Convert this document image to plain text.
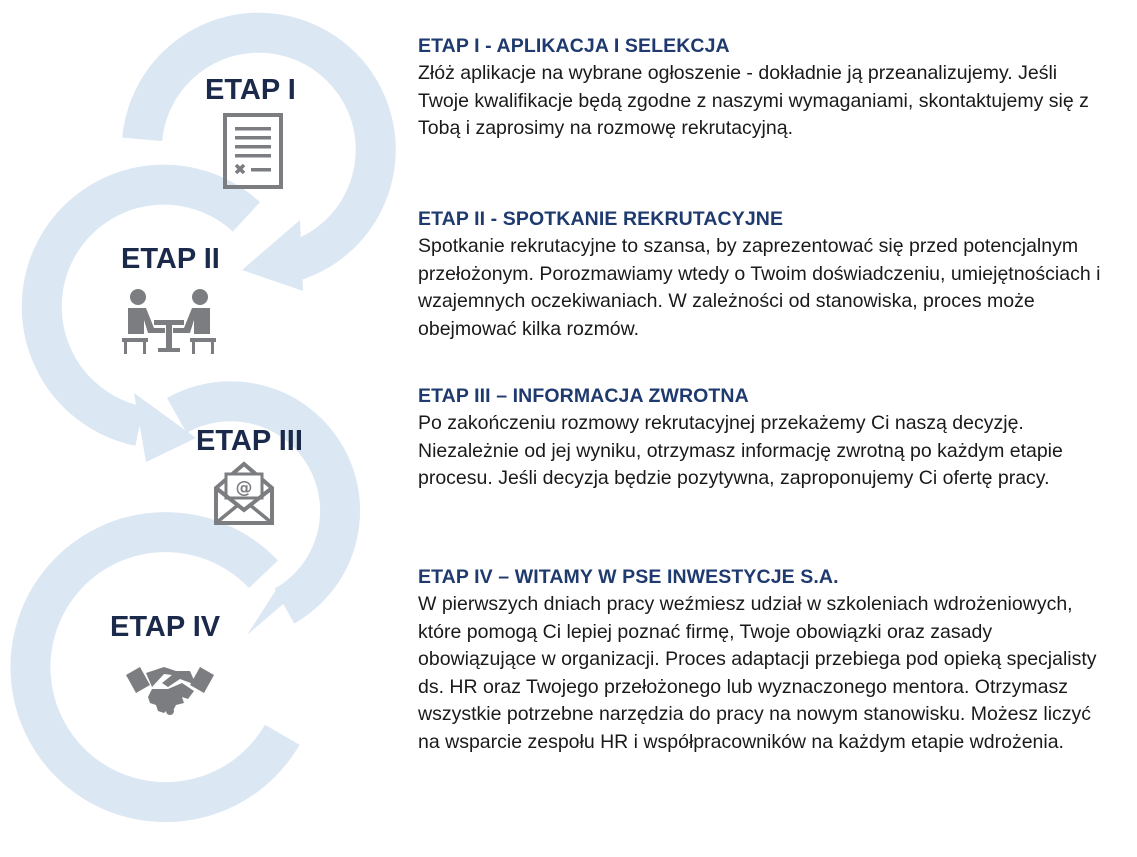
ETAP I
ETAP II
ETAP III
ETAP IV
@
ETAP I - APLIKACJA I SELEKCJA

Złóż aplikacje na wybrane ogłoszenie - dokładnie ją przeanalizujemy. Jeśli Twoje kwalifikacje będą zgodne z naszymi wymaganiami, skontaktujemy się z Tobą i zaprosimy na rozmowę rekrutacyjną.

ETAP II - SPOTKANIE REKRUTACYJNE

Spotkanie rekrutacyjne to szansa, by zaprezentować się przed potencjalnym przełożonym. Porozmawiamy wtedy o Twoim doświadczeniu, umiejętnościach i wzajemnych oczekiwaniach. W zależności od stanowiska, proces może obejmować kilka rozmów.

ETAP III – INFORMACJA ZWROTNA

Po zakończeniu rozmowy rekrutacyjnej przekażemy Ci naszą decyzję. Niezależnie od jej wyniku, otrzymasz informację zwrotną po każdym etapie procesu. Jeśli decyzja będzie pozytywna, zaproponujemy Ci ofertę pracy.

ETAP IV – WITAMY W PSE INWESTYCJE S.A.

W pierwszych dniach pracy weźmiesz udział w szkoleniach wdrożeniowych, które pomogą Ci lepiej poznać firmę, Twoje obowiązki oraz zasady obowiązujące w organizacji. Proces adaptacji przebiega pod opieką specjalisty ds. HR oraz Twojego przełożonego lub wyznaczonego mentora. Otrzymasz wszystkie potrzebne narzędzia do pracy na nowym stanowisku. Możesz liczyć na wsparcie zespołu HR i współpracowników na każdym etapie wdrożenia.
